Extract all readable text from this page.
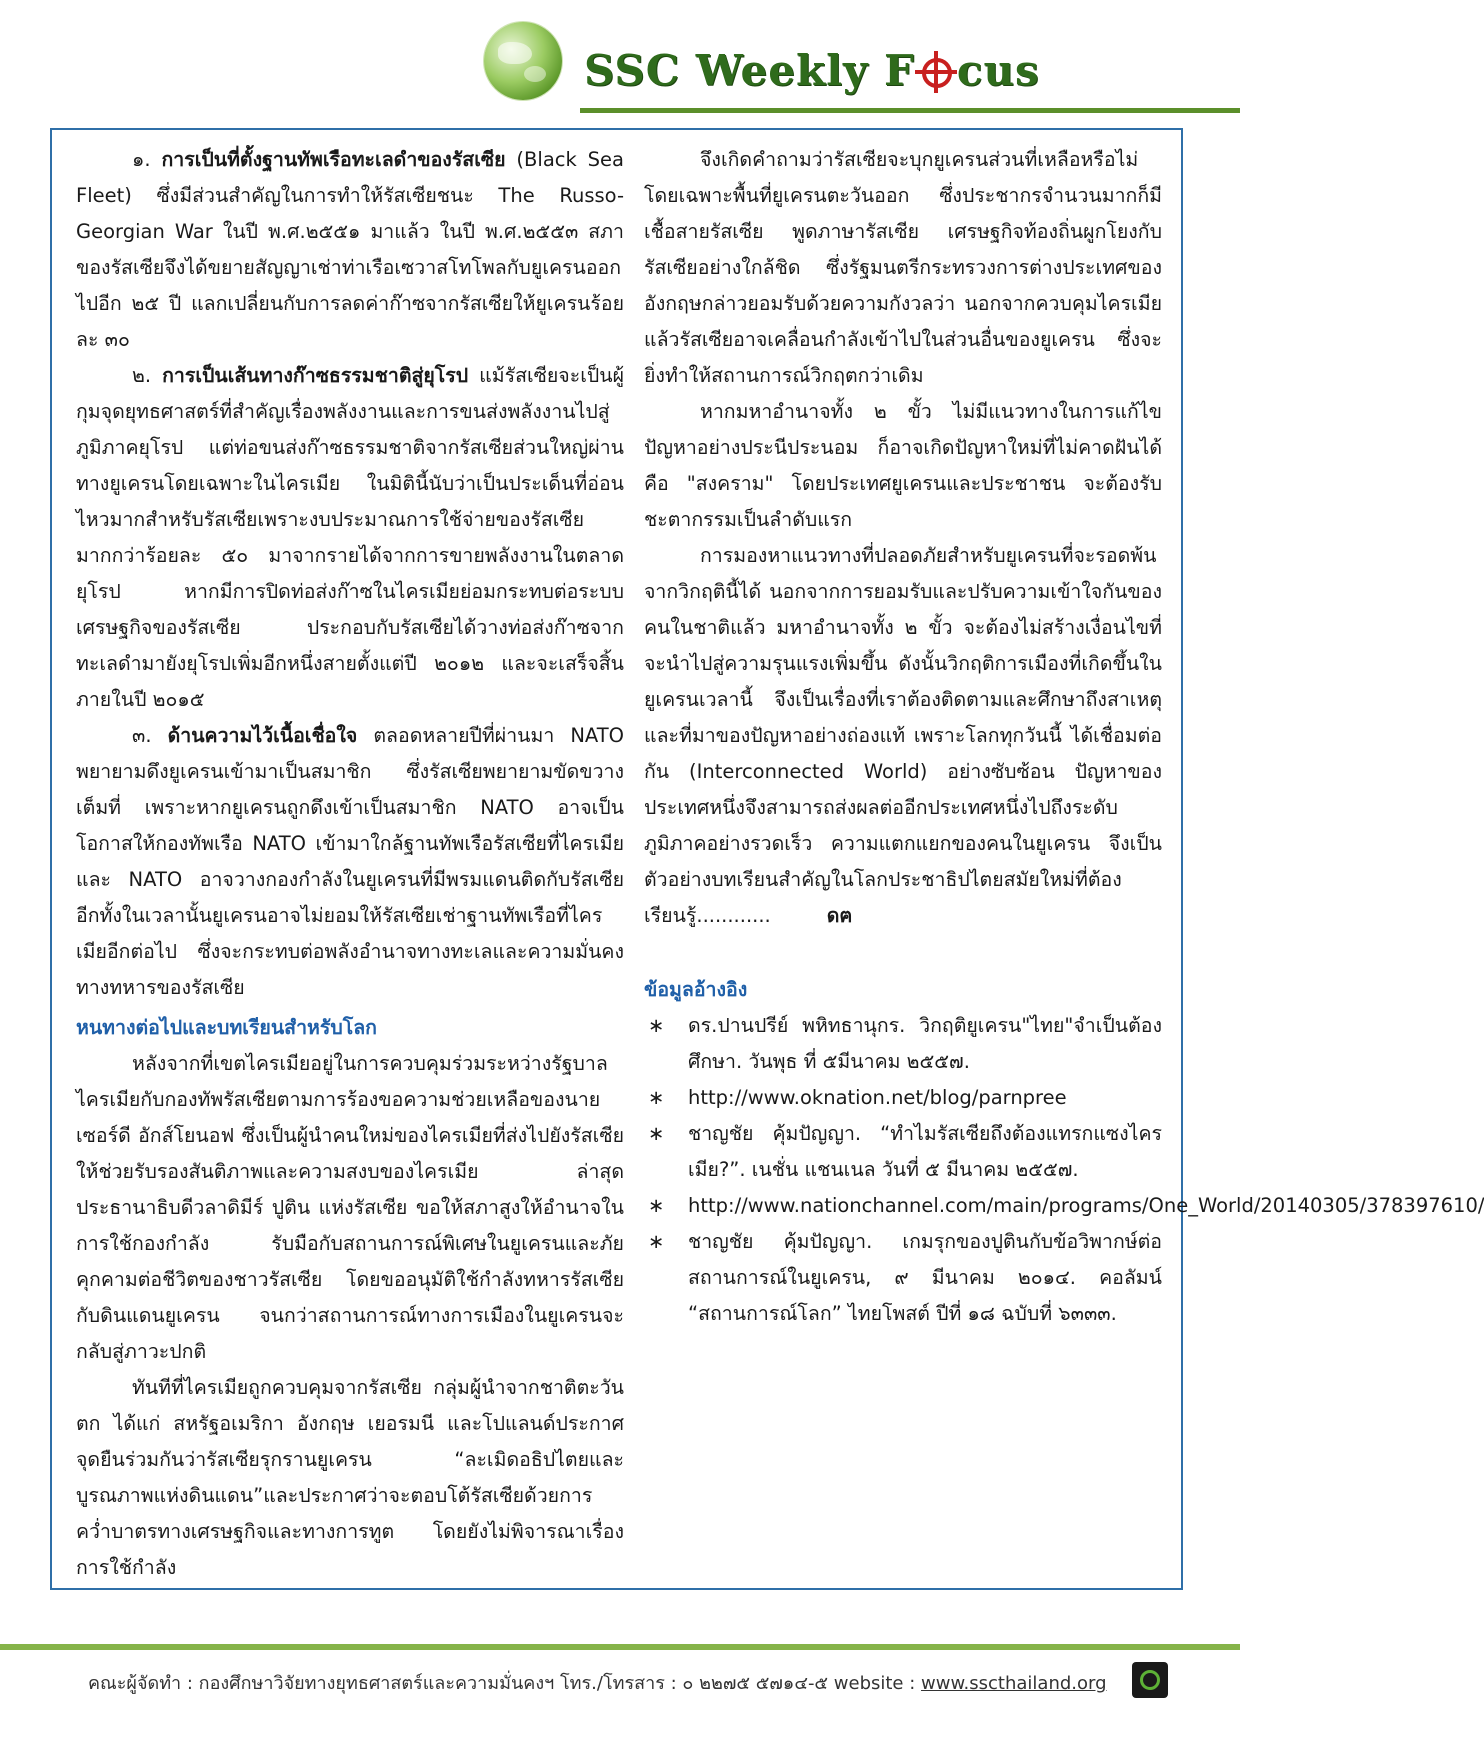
SSC Weekly F cus

๑. การเป็นที่ตั้งฐานทัพเรือทะเลดำของรัสเซีย (Black Sea Fleet) ซึ่งมีส่วนสำคัญในการทำให้รัสเซียชนะ The Russo-Georgian War ในปี พ.ศ.๒๕๕๑ มาแล้ว ในปี พ.ศ.๒๕๕๓ สภาของรัสเซียจึงได้ขยายสัญญาเช่าท่าเรือเซวาสโทโพลกับยูเครนออกไปอีก ๒๕ ปี แลกเปลี่ยนกับการลดค่าก๊าซจากรัสเซียให้ยูเครนร้อยละ ๓๐

๒. การเป็นเส้นทางก๊าซธรรมชาติสู่ยุโรป แม้รัสเซียจะเป็นผู้กุมจุดยุทธศาสตร์ที่สำคัญเรื่องพลังงานและการขนส่งพลังงานไปสู่ภูมิภาคยุโรป แต่ท่อขนส่งก๊าซธรรมชาติจากรัสเซียส่วนใหญ่ผ่านทางยูเครนโดยเฉพาะในไครเมีย ในมิตินี้นับว่าเป็นประเด็นที่อ่อนไหวมากสำหรับรัสเซียเพราะงบประมาณการใช้จ่ายของรัสเซียมากกว่าร้อยละ ๕๐ มาจากรายได้จากการขายพลังงานในตลาดยุโรป หากมีการปิดท่อส่งก๊าซในไครเมียย่อมกระทบต่อระบบเศรษฐกิจของรัสเซีย ประกอบกับรัสเซียได้วางท่อส่งก๊าซจากทะเลดำมายังยุโรปเพิ่มอีกหนึ่งสายตั้งแต่ปี ๒๐๑๒ และจะเสร็จสิ้นภายในปี ๒๐๑๕

๓. ด้านความไว้เนื้อเชื่อใจ ตลอดหลายปีที่ผ่านมา NATO พยายามดึงยูเครนเข้ามาเป็นสมาชิก ซึ่งรัสเซียพยายามขัดขวางเต็มที่ เพราะหากยูเครนถูกดึงเข้าเป็นสมาชิก NATO อาจเป็นโอกาสให้กองทัพเรือ NATO เข้ามาใกล้ฐานทัพเรือรัสเซียที่ไครเมีย และ NATO อาจวางกองกำลังในยูเครนที่มีพรมแดนติดกับรัสเซีย อีกทั้งในเวลานั้นยูเครนอาจไม่ยอมให้รัสเซียเช่าฐานทัพเรือที่ไครเมียอีกต่อไป ซึ่งจะกระทบต่อพลังอำนาจทางทะเลและความมั่นคงทางทหารของรัสเซีย

หนทางต่อไปและบทเรียนสำหรับโลก

หลังจากที่เขตไครเมียอยู่ในการควบคุมร่วมระหว่างรัฐบาลไครเมียกับกองทัพรัสเซียตามการร้องขอความช่วยเหลือของนายเซอร์ดี อักส์โยนอฟ ซึ่งเป็นผู้นำคนใหม่ของไครเมียที่ส่งไปยังรัสเซีย ให้ช่วยรับรองสันติภาพและความสงบของไครเมีย ล่าสุดประธานาธิบดีวลาดิมีร์ ปูติน แห่งรัสเซีย ขอให้สภาสูงให้อำนาจในการใช้กองกำลัง รับมือกับสถานการณ์พิเศษในยูเครนและภัยคุกคามต่อชีวิตของชาวรัสเซีย โดยขออนุมัติใช้กำลังทหารรัสเซียกับดินแดนยูเครน จนกว่าสถานการณ์ทางการเมืองในยูเครนจะกลับสู่ภาวะปกติ

ทันทีที่ไครเมียถูกควบคุมจากรัสเซีย กลุ่มผู้นำจากชาติตะวันตก ได้แก่ สหรัฐอเมริกา อังกฤษ เยอรมนี และโปแลนด์ประกาศจุดยืนร่วมกันว่ารัสเซียรุกรานยูเครน “ละเมิดอธิปไตยและบูรณภาพแห่งดินแดน”และประกาศว่าจะตอบโต้รัสเซียด้วยการคว่ำบาตรทางเศรษฐกิจและทางการทูต โดยยังไม่พิจารณาเรื่องการใช้กำลัง

จึงเกิดคำถามว่ารัสเซียจะบุกยูเครนส่วนที่เหลือหรือไม่ โดยเฉพาะพื้นที่ยูเครนตะวันออก ซึ่งประชากรจำนวนมากก็มีเชื้อสายรัสเซีย พูดภาษารัสเซีย เศรษฐกิจท้องถิ่นผูกโยงกับรัสเซียอย่างใกล้ชิด ซึ่งรัฐมนตรีกระทรวงการต่างประเทศของอังกฤษกล่าวยอมรับด้วยความกังวลว่า นอกจากควบคุมไครเมียแล้วรัสเซียอาจเคลื่อนกำลังเข้าไปในส่วนอื่นของยูเครน ซึ่งจะยิ่งทำให้สถานการณ์วิกฤตกว่าเดิม

หากมหาอำนาจทั้ง ๒ ขั้ว ไม่มีแนวทางในการแก้ไขปัญหาอย่างประนีประนอม ก็อาจเกิดปัญหาใหม่ที่ไม่คาดฝันได้ คือ "สงคราม" โดยประเทศยูเครนและประชาชน จะต้องรับชะตากรรมเป็นลำดับแรก

การมองหาแนวทางที่ปลอดภัยสำหรับยูเครนที่จะรอดพ้นจากวิกฤตินี้ได้ นอกจากการยอมรับและปรับความเข้าใจกันของคนในชาติแล้ว มหาอำนาจทั้ง ๒ ขั้ว จะต้องไม่สร้างเงื่อนไขที่จะนำไปสู่ความรุนแรงเพิ่มขึ้น ดังนั้นวิกฤติการเมืองที่เกิดขึ้นในยูเครนเวลานี้ จึงเป็นเรื่องที่เราต้องติดตามและศึกษาถึงสาเหตุและที่มาของปัญหาอย่างถ่องแท้ เพราะโลกทุกวันนี้ ได้เชื่อมต่อกัน (Interconnected World) อย่างซับซ้อน ปัญหาของประเทศหนึ่งจึงสามารถส่งผลต่ออีกประเทศหนึ่งไปถึงระดับภูมิภาคอย่างรวดเร็ว ความแตกแยกของคนในยูเครน จึงเป็นตัวอย่างบทเรียนสำคัญในโลกประชาธิปไตยสมัยใหม่ที่ต้องเรียนรู้............	ดฅ

ข้อมูลอ้างอิง

∗	ดร.ปานปรีย์ พหิทธานุกร. วิกฤติยูเครน"ไทย"จำเป็นต้องศึกษา. วันพุธ ที่ ๕มีนาคม ๒๕๕๗.

∗	http://www.oknation.net/blog/parnpree

∗	ชาญชัย คุ้มปัญญา. “ทำไมรัสเซียถึงต้องแทรกแซงไครเมีย?”. เนชั่น แชนเนล วันที่ ๕ มีนาคม ๒๕๕๗.

∗	http://www.nationchannel.com/main/programs/One_World/20140305/378397610/

∗	ชาญชัย คุ้มปัญญา. เกมรุกของปูตินกับข้อวิพากษ์ต่อสถานการณ์ในยูเครน, ๙ มีนาคม ๒๐๑๔. คอลัมน์ “สถานการณ์โลก” ไทยโพสต์ ปีที่ ๑๘ ฉบับที่ ๖๓๓๓.

คณะผู้จัดทำ : กองศึกษาวิจัยทางยุทธศาสตร์และความมั่นคงฯ โทร./โทรสาร : ๐ ๒๒๗๕ ๕๗๑๔-๕ website : www.sscthailand.org
